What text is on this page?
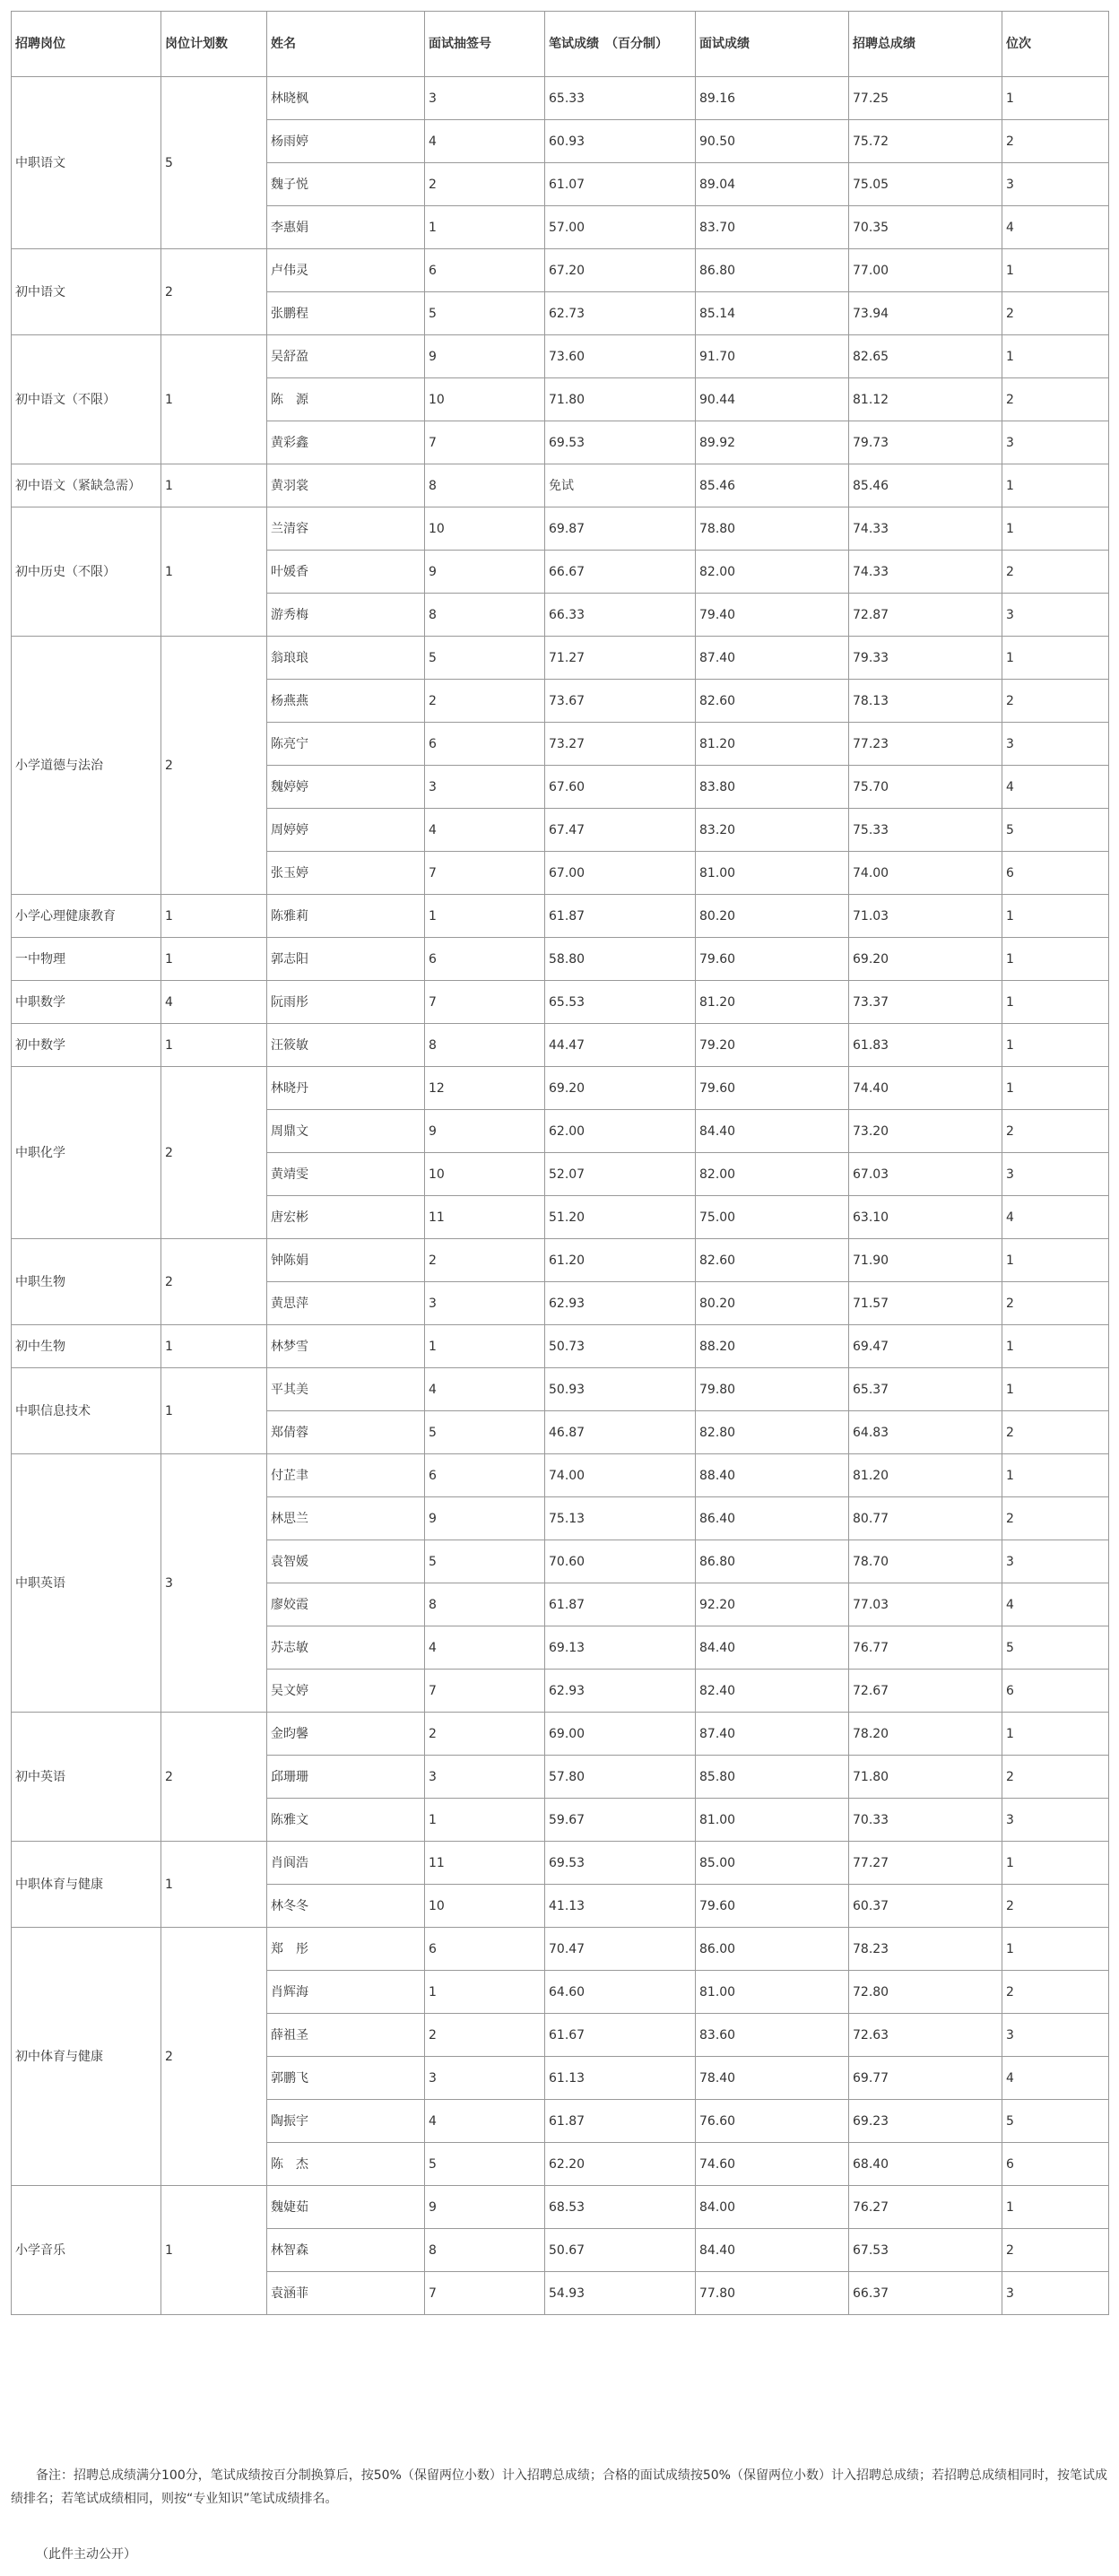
招聘岗位	岗位计划数	姓名	面试抽签号	笔试成绩　（百分制）	面试成绩	招聘总成绩	位次
中职语文	5	林晓枫	3	65.33	89.16	77.25	1
		杨雨婷	4	60.93	90.50	75.72	2
		魏子悦	2	61.07	89.04	75.05	3
		李惠娟	1	57.00	83.70	70.35	4
初中语文	2	卢伟灵	6	67.20	86.80	77.00	1
		张鹏程	5	62.73	85.14	73.94	2
初中语文（不限）	1	吴舒盈	9	73.60	91.70	82.65	1
		陈　源	10	71.80	90.44	81.12	2
		黄彩鑫	7	69.53	89.92	79.73	3
初中语文（紧缺急需）	1	黄羽裳	8	免试	85.46	85.46	1
初中历史（不限）	1	兰清容	10	69.87	78.80	74.33	1
		叶媛香	9	66.67	82.00	74.33	2
		游秀梅	8	66.33	79.40	72.87	3
小学道德与法治	2	翁琅琅	5	71.27	87.40	79.33	1
		杨燕燕	2	73.67	82.60	78.13	2
		陈亮宁	6	73.27	81.20	77.23	3
		魏婷婷	3	67.60	83.80	75.70	4
		周婷婷	4	67.47	83.20	75.33	5
		张玉婷	7	67.00	81.00	74.00	6
小学心理健康教育	1	陈雅莉	1	61.87	80.20	71.03	1
一中物理	1	郭志阳	6	58.80	79.60	69.20	1
中职数学	4	阮雨彤	7	65.53	81.20	73.37	1
初中数学	1	汪筱敏	8	44.47	79.20	61.83	1
中职化学	2	林晓丹	12	69.20	79.60	74.40	1
		周鼎文	9	62.00	84.40	73.20	2
		黄靖雯	10	52.07	82.00	67.03	3
		唐宏彬	11	51.20	75.00	63.10	4
中职生物	2	钟陈娟	2	61.20	82.60	71.90	1
		黄思萍	3	62.93	80.20	71.57	2
初中生物	1	林梦雪	1	50.73	88.20	69.47	1
中职信息技术	1	平其美	4	50.93	79.80	65.37	1
		郑倩蓉	5	46.87	82.80	64.83	2
中职英语	3	付芷聿	6	74.00	88.40	81.20	1
		林思兰	9	75.13	86.40	80.77	2
		袁智媛	5	70.60	86.80	78.70	3
		廖姣霞	8	61.87	92.20	77.03	4
		苏志敏	4	69.13	84.40	76.77	5
		吴文婷	7	62.93	82.40	72.67	6
初中英语	2	金昀馨	2	69.00	87.40	78.20	1
		邱珊珊	3	57.80	85.80	71.80	2
		陈雅文	1	59.67	81.00	70.33	3
中职体育与健康	1	肖阆浩	11	69.53	85.00	77.27	1
		林冬冬	10	41.13	79.60	60.37	2
初中体育与健康	2	郑　彤	6	70.47	86.00	78.23	1
		肖辉海	1	64.60	81.00	72.80	2
		薛祖圣	2	61.67	83.60	72.63	3
		郭鹏飞	3	61.13	78.40	69.77	4
		陶振宇	4	61.87	76.60	69.23	5
		陈　杰	5	62.20	74.60	68.40	6
小学音乐	1	魏婕茹	9	68.53	84.00	76.27	1
		林智森	8	50.67	84.40	67.53	2
		袁涵菲	7	54.93	77.80	66.37	3

备注：招聘总成绩满分100分，笔试成绩按百分制换算后，按50%（保留两位小数）计入招聘总成绩；合格的面试成绩按50%（保留两位小数）计入招聘总成绩；若招聘总成绩相同时，按笔试成绩排名；若笔试成绩相同，则按“专业知识”笔试成绩排名。

（此件主动公开）
